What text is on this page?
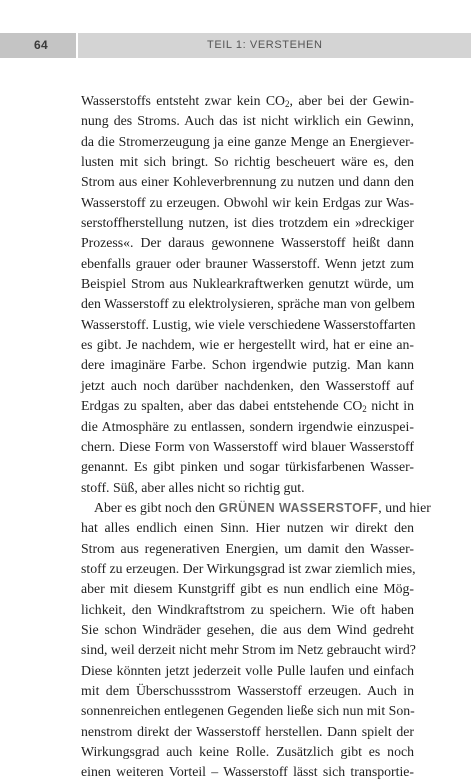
64	TEIL 1: VERSTEHEN
Wasserstoffs entsteht zwar kein $CO_2$, aber bei der Gewin-
nung des Stroms. Auch das ist nicht wirklich ein Gewinn,
da die Stromerzeugung ja eine ganze Menge an Energiever-
lusten mit sich bringt. So richtig bescheuert wäre es, den
Strom aus einer Kohleverbrennung zu nutzen und dann den
Wasserstoff zu erzeugen. Obwohl wir kein Erdgas zur Was-
serstoffherstellung nutzen, ist dies trotzdem ein »dreckiger
Prozess«. Der daraus gewonnene Wasserstoff heißt dann
ebenfalls grauer oder brauner Wasserstoff. Wenn jetzt zum
Beispiel Strom aus Nuklearkraftwerken genutzt würde, um
den Wasserstoff zu elektrolysieren, spräche man von gelbem
Wasserstoff. Lustig, wie viele verschiedene Wasserstoffarten
es gibt. Je nachdem, wie er hergestellt wird, hat er eine an-
dere imaginäre Farbe. Schon irgendwie putzig. Man kann
jetzt auch noch darüber nachdenken, den Wasserstoff auf
Erdgas zu spalten, aber das dabei entstehende $CO_2$ nicht in
die Atmosphäre zu entlassen, sondern irgendwie einzuspei-
chern. Diese Form von Wasserstoff wird blauer Wasserstoff
genannt. Es gibt pinken und sogar türkisfarbenen Wasser-
stoff. Süß, aber alles nicht so richtig gut.
Aber es gibt noch den GRÜNEN WASSERSTOFF, und hier
hat alles endlich einen Sinn. Hier nutzen wir direkt den
Strom aus regenerativen Energien, um damit den Wasser-
stoff zu erzeugen. Der Wirkungsgrad ist zwar ziemlich mies,
aber mit diesem Kunstgriff gibt es nun endlich eine Mög-
lichkeit, den Windkraftstrom zu speichern. Wie oft haben
Sie schon Windräder gesehen, die aus dem Wind gedreht
sind, weil derzeit nicht mehr Strom im Netz gebraucht wird?
Diese könnten jetzt jederzeit volle Pulle laufen und einfach
mit dem Überschussstrom Wasserstoff erzeugen. Auch in
sonnenreichen entlegenen Gegenden ließe sich nun mit Son-
nenstrom direkt der Wasserstoff herstellen. Dann spielt der
Wirkungsgrad auch keine Rolle. Zusätzlich gibt es noch
einen weiteren Vorteil – Wasserstoff lässt sich transportie-
